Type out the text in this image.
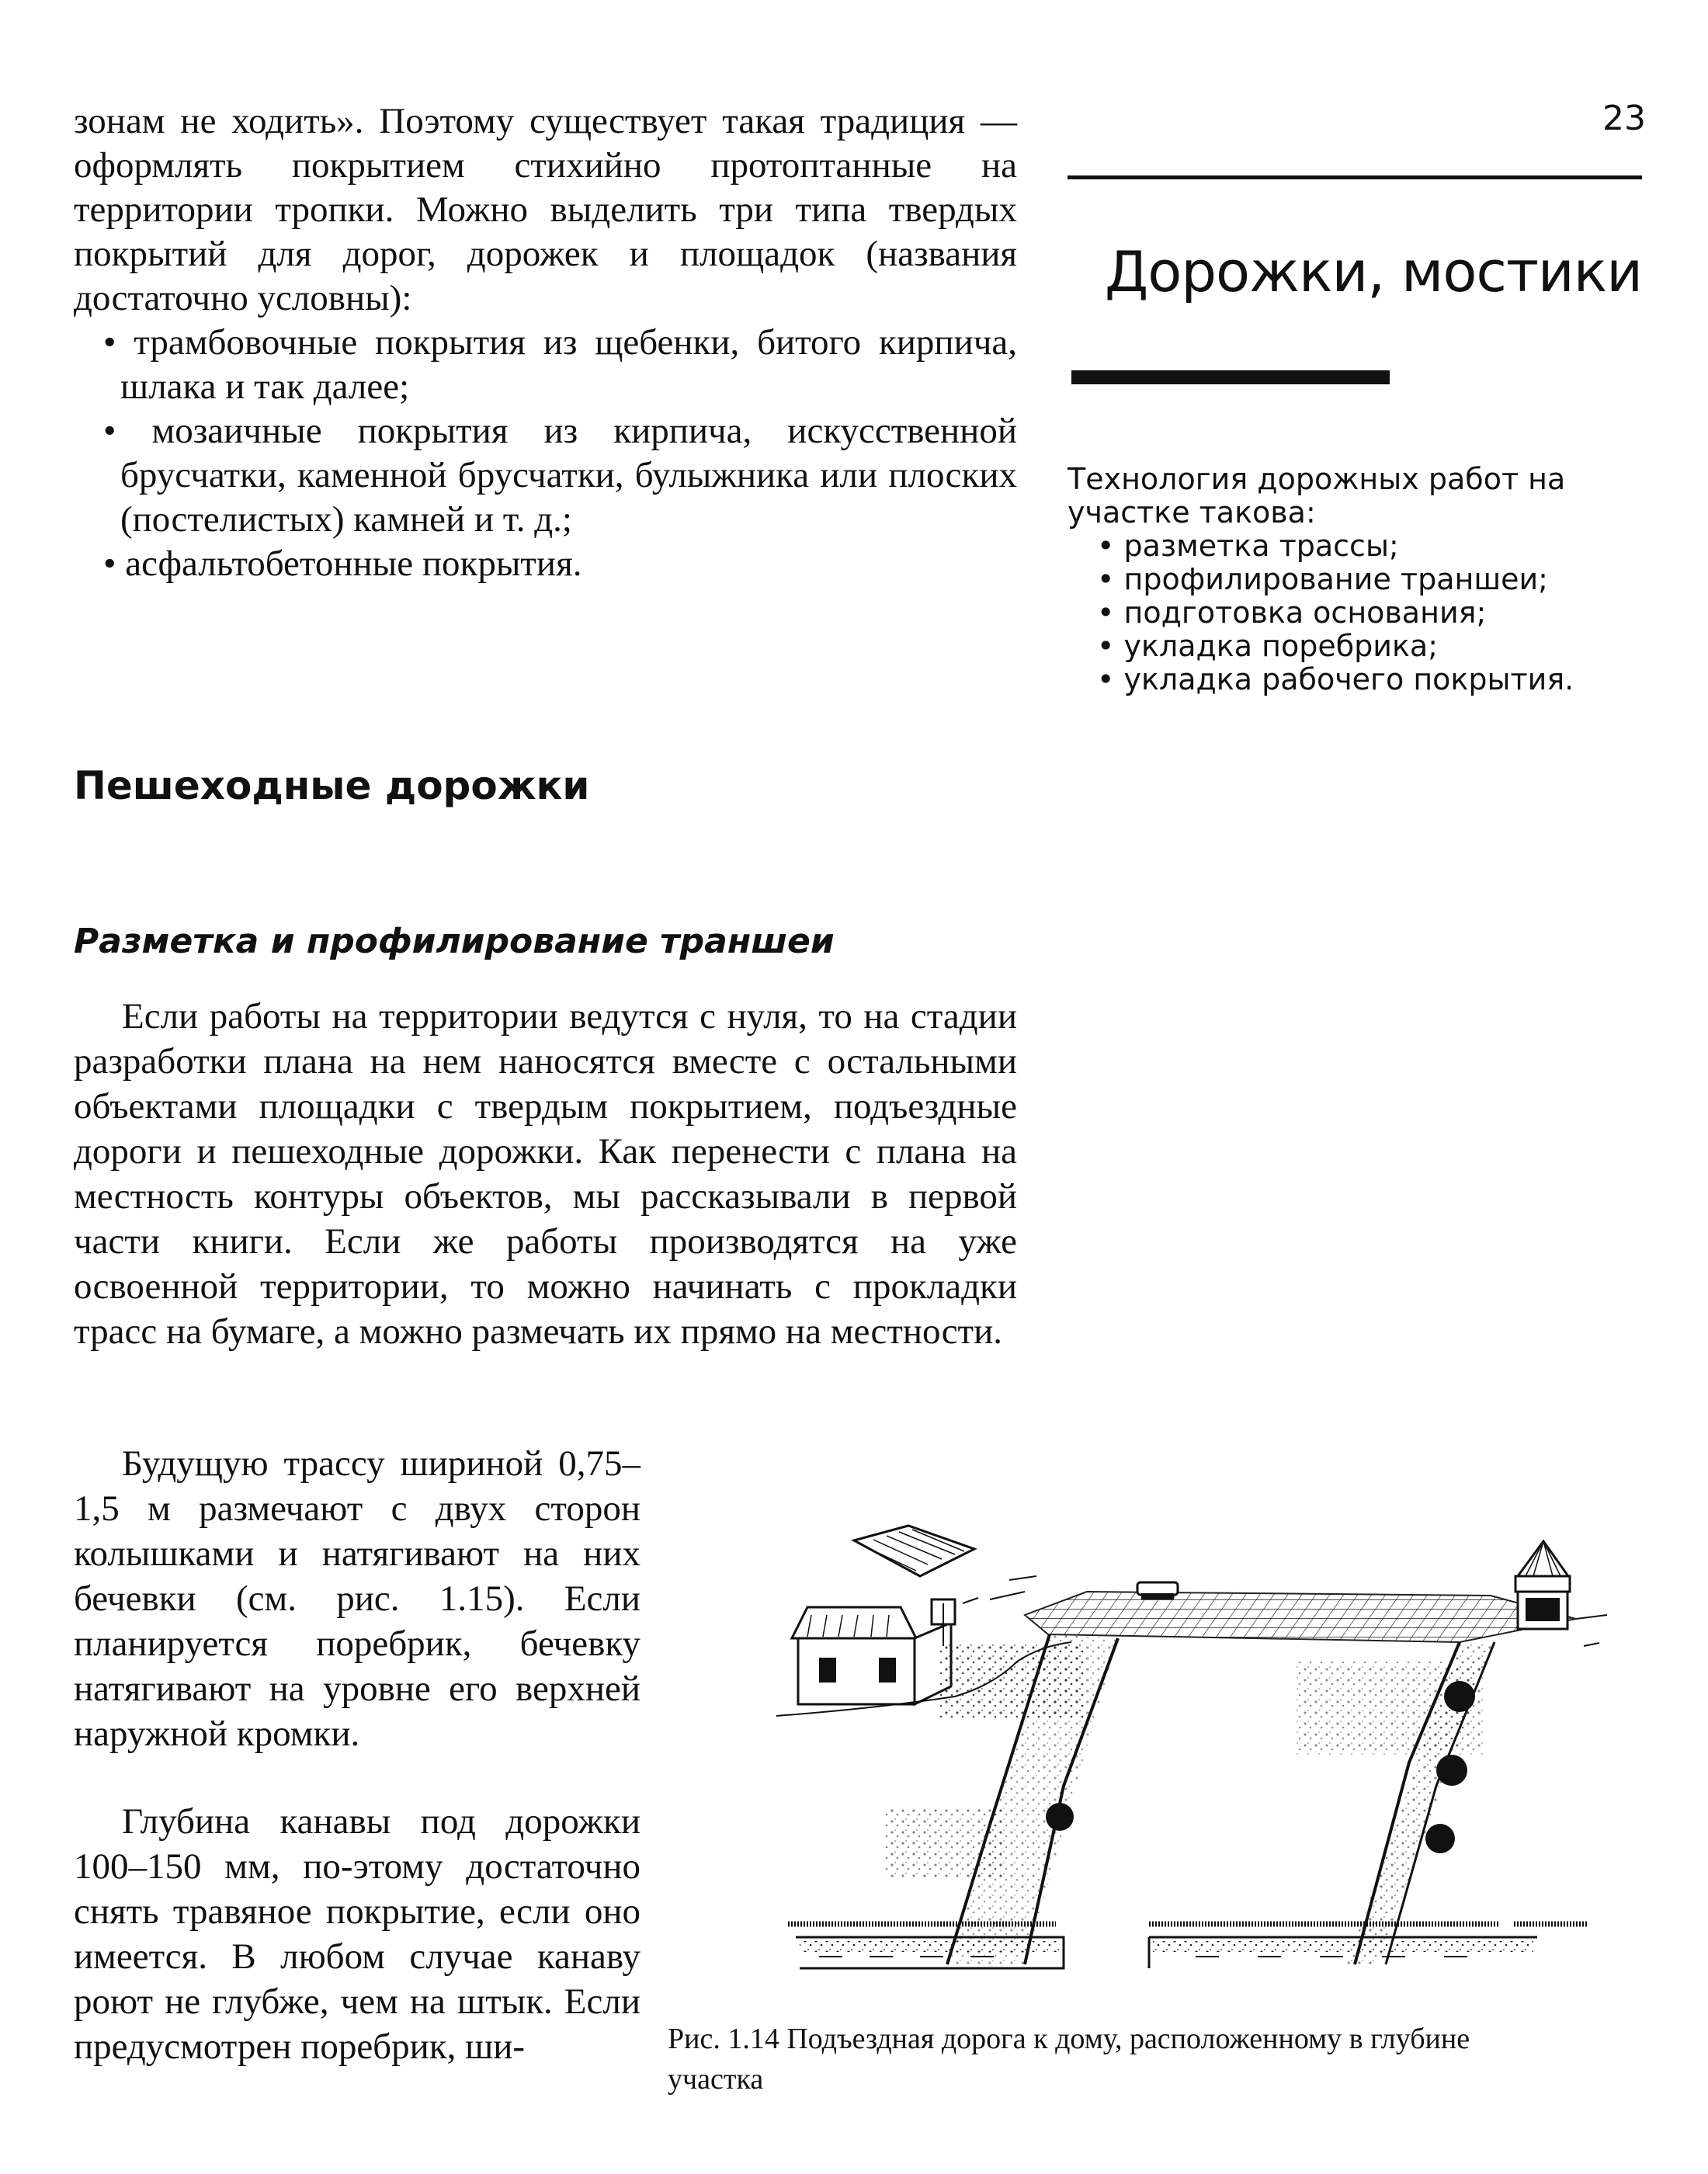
зонам не ходить». Поэтому существует такая традиция — оформлять покрытием стихийно протоптанные на территории тропки. Можно выделить три типа твердых покрытий для дорог, дорожек и площадок (названия достаточно условны):

• трамбовочные покрытия из щебенки, битого кирпича, шлака и так далее;
• мозаичные покрытия из кирпича, искусственной брусчатки, каменной брусчатки, булыжника или плоских (постелистых) камней и т. д.;
• асфальтобетонные покрытия.
23
Дорожки, мостики

Технология дорожных работ на участке такова:

• разметка трассы;
• профилирование траншеи;
• подготовка основания;
• укладка поребрика;
• укладка рабочего покрытия.
Пешеходные дорожки
Разметка и профилирование траншеи

Если работы на территории ведутся с нуля, то на стадии разработки плана на нем наносятся вместе с остальными объектами площадки с твердым покрытием, подъездные дороги и пешеходные дорожки. Как перенести с плана на местность контуры объектов, мы рассказывали в первой части книги. Если же работы производятся на уже освоенной территории, то можно начинать с прокладки трасс на бумаге, а можно размечать их прямо на местности.

Будущую трассу шириной 0,75–1,5 м размечают с двух сторон колышками и натягивают на них бечевки (см. рис. 1.15). Если планируется поребрик, бечевку натягивают на уровне его верхней наружной кромки.

Глубина канавы под дорожки 100–150 мм, по-этому достаточно снять травяное покрытие, если оно имеется. В любом случае канаву роют не глубже, чем на штык. Если предусмотрен поребрик, ши-	Рис. 1.14 Подъездная дорога к дому, расположенному в глубине участка
